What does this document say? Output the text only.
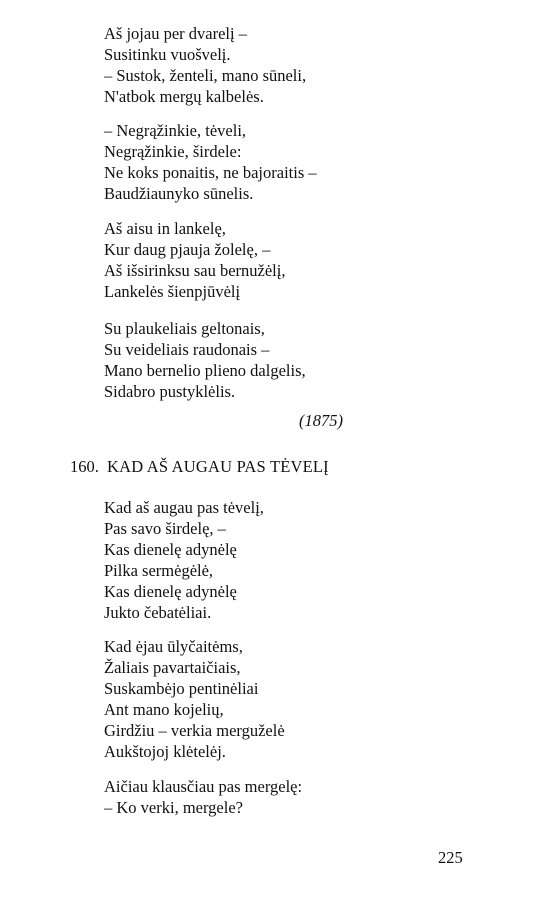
Aš jojau per dvarelį –
Susitinku vuošvelį.
– Sustok, ženteli, mano sūneli,
N'atbok mergų kalbelės.
– Negrąžinkie, tėveli,
Negrąžinkie, širdele:
Ne koks ponaitis, ne bajoraitis –
Baudžiaunyko sūnelis.
Aš aisu in lankelę,
Kur daug pjauja žolelę, –
Aš išsirinksu sau bernužėlį,
Lankelės šienpjūvėlį
Su plaukeliais geltonais,
Su veideliais raudonais –
Mano bernelio plieno dalgelis,
Sidabro pustyklėlis.
(1875)
160. KAD AŠ AUGAU PAS TĖVELĮ
Kad aš augau pas tėvelį,
Pas savo širdelę, –
Kas dienelę adynėlę
Pilka sermėgėlė,
Kas dienelę adynėlę
Jukto čebatėliai.
Kad ėjau ūlyčaitėms,
Žaliais pavartaičiais,
Suskambėjo pentinėliai
Ant mano kojelių,
Girdžiu – verkia merguželė
Aukštojoj klėtelėj.
Aičiau klausčiau pas mergelę:
– Ko verki, mergele?
225
